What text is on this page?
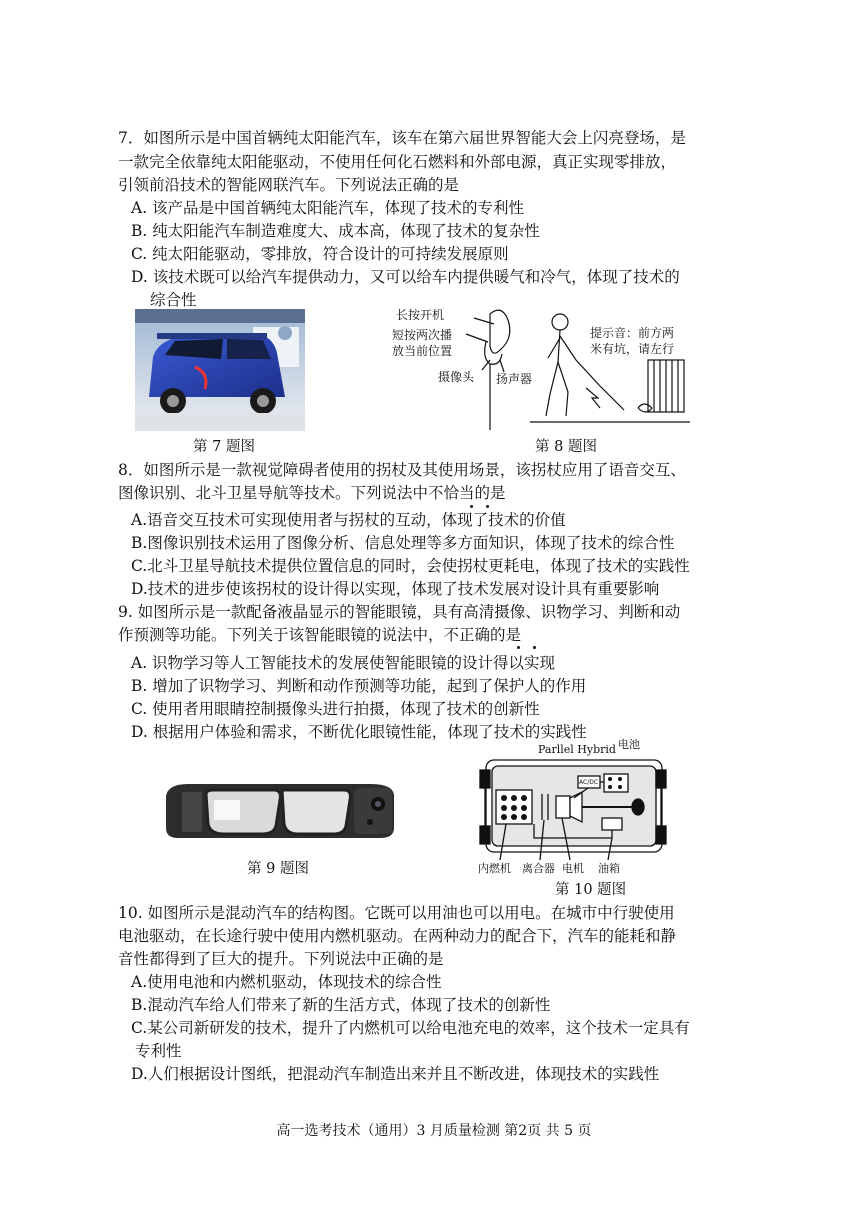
7．如图所示是中国首辆纯太阳能汽车，该车在第六届世界智能大会上闪亮登场，是
一款完全依靠纯太阳能驱动，不使用任何化石燃料和外部电源，真正实现零排放，
引领前沿技术的智能网联汽车。下列说法正确的是
A. 该产品是中国首辆纯太阳能汽车，体现了技术的专利性
B. 纯太阳能汽车制造难度大、成本高，体现了技术的复杂性
C. 纯太阳能驱动，零排放，符合设计的可持续发展原则
D. 该技术既可以给汽车提供动力，又可以给车内提供暖气和冷气，体现了技术的
综合性
第 7 题图
长按开机
短按两次播
放当前位置
摄像头 扬声器
提示音：前方两
米有坑，请左行
第 8 题图
8．如图所示是一款视觉障碍者使用的拐杖及其使用场景，该拐杖应用了语音交互、
图像识别、北斗卫星导航等技术。下列说法中不恰当的是
A.语音交互技术可实现使用者与拐杖的互动，体现了技术的价值
B.图像识别技术运用了图像分析、信息处理等多方面知识，体现了技术的综合性
C.北斗卫星导航技术提供位置信息的同时，会使拐杖更耗电，体现了技术的实践性
D.技术的进步使该拐杖的设计得以实现，体现了技术发展对设计具有重要影响
9. 如图所示是一款配备液晶显示的智能眼镜，具有高清摄像、识物学习、判断和动
作预测等功能。下列关于该智能眼镜的说法中，不正确的是
A. 识物学习等人工智能技术的发展使智能眼镜的设计得以实现
B. 增加了识物学习、判断和动作预测等功能，起到了保护人的作用
C. 使用者用眼睛控制摄像头进行拍摄，体现了技术的创新性
D. 根据用户体验和需求，不断优化眼镜性能，体现了技术的实践性
第 9 题图
Parllel Hybrid 电池
AC/DC
内燃机 离合器 电机 油箱
第 10 题图
10. 如图所示是混动汽车的结构图。它既可以用油也可以用电。在城市中行驶使用
电池驱动，在长途行驶中使用内燃机驱动。在两种动力的配合下，汽车的能耗和静
音性都得到了巨大的提升。下列说法中正确的是
A.使用电池和内燃机驱动，体现技术的综合性
B.混动汽车给人们带来了新的生活方式，体现了技术的创新性
C.某公司新研发的技术，提升了内燃机可以给电池充电的效率，这个技术一定具有
专利性
D.人们根据设计图纸，把混动汽车制造出来并且不断改进，体现技术的实践性
高一选考技术（通用）3 月质量检测 第2页 共 5 页
